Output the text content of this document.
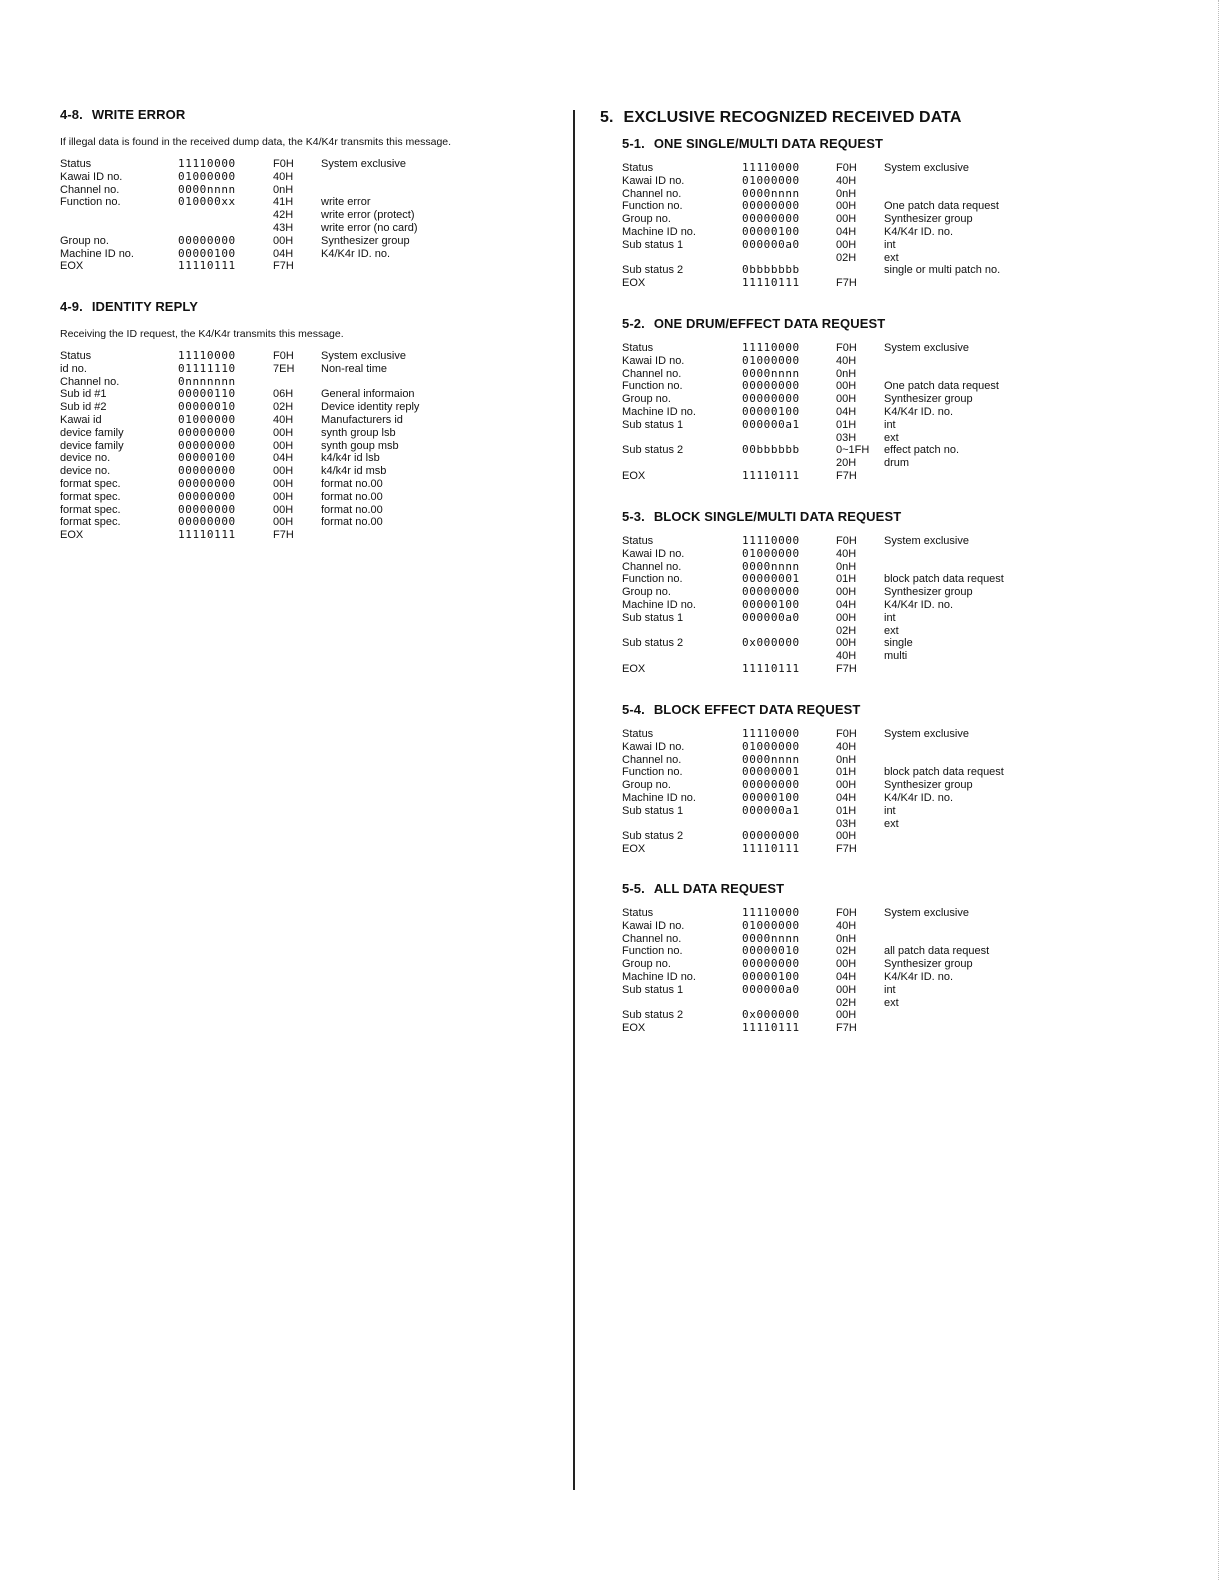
4-8. WRITE ERROR

If illegal data is found in the received dump data, the K4/K4r transmits this message.

Status	11110000	F0H	System exclusive
Kawai ID no.	01000000	40H	
Channel no.	0000nnnn	0nH	
Function no.	010000xx	41H	write error
		42H	write error (protect)
		43H	write error (no card)
Group no.	00000000	00H	Synthesizer group
Machine ID no.	00000100	04H	K4/K4r ID. no.
EOX	11110111	F7H	
4-9. IDENTITY REPLY

Receiving the ID request, the K4/K4r transmits this message.

Status	11110000	F0H	System exclusive
id no.	01111110	7EH	Non-real time
Channel no.	0nnnnnnn		
Sub id #1	00000110	06H	General informaion
Sub id #2	00000010	02H	Device identity reply
Kawai id	01000000	40H	Manufacturers id
device family	00000000	00H	synth group lsb
device family	00000000	00H	synth goup msb
device no.	00000100	04H	k4/k4r id lsb
device no.	00000000	00H	k4/k4r id msb
format spec.	00000000	00H	format no.00
format spec.	00000000	00H	format no.00
format spec.	00000000	00H	format no.00
format spec.	00000000	00H	format no.00
EOX	11110111	F7H	
5. EXCLUSIVE RECOGNIZED RECEIVED DATA
5-1. ONE SINGLE/MULTI DATA REQUEST
Status	11110000	F0H	System exclusive
Kawai ID no.	01000000	40H	
Channel no.	0000nnnn	0nH	
Function no.	00000000	00H	One patch data request
Group no.	00000000	00H	Synthesizer group
Machine ID no.	00000100	04H	K4/K4r ID. no.
Sub status 1	000000a0	00H	int
		02H	ext
Sub status 2	0bbbbbbb		single or multi patch no.
EOX	11110111	F7H	
5-2. ONE DRUM/EFFECT DATA REQUEST
Status	11110000	F0H	System exclusive
Kawai ID no.	01000000	40H	
Channel no.	0000nnnn	0nH	
Function no.	00000000	00H	One patch data request
Group no.	00000000	00H	Synthesizer group
Machine ID no.	00000100	04H	K4/K4r ID. no.
Sub status 1	000000a1	01H	int
		03H	ext
Sub status 2	00bbbbbb	0~1FH	effect patch no.
		20H	drum
EOX	11110111	F7H	
5-3. BLOCK SINGLE/MULTI DATA REQUEST
Status	11110000	F0H	System exclusive
Kawai ID no.	01000000	40H	
Channel no.	0000nnnn	0nH	
Function no.	00000001	01H	block patch data request
Group no.	00000000	00H	Synthesizer group
Machine ID no.	00000100	04H	K4/K4r ID. no.
Sub status 1	000000a0	00H	int
		02H	ext
Sub status 2	0x000000	00H	single
		40H	multi
EOX	11110111	F7H	
5-4. BLOCK EFFECT DATA REQUEST
Status	11110000	F0H	System exclusive
Kawai ID no.	01000000	40H	
Channel no.	0000nnnn	0nH	
Function no.	00000001	01H	block patch data request
Group no.	00000000	00H	Synthesizer group
Machine ID no.	00000100	04H	K4/K4r ID. no.
Sub status 1	000000a1	01H	int
		03H	ext
Sub status 2	00000000	00H	
EOX	11110111	F7H	
5-5. ALL DATA REQUEST
Status	11110000	F0H	System exclusive
Kawai ID no.	01000000	40H	
Channel no.	0000nnnn	0nH	
Function no.	00000010	02H	all patch data request
Group no.	00000000	00H	Synthesizer group
Machine ID no.	00000100	04H	K4/K4r ID. no.
Sub status 1	000000a0	00H	int
		02H	ext
Sub status 2	0x000000	00H	
EOX	11110111	F7H	
